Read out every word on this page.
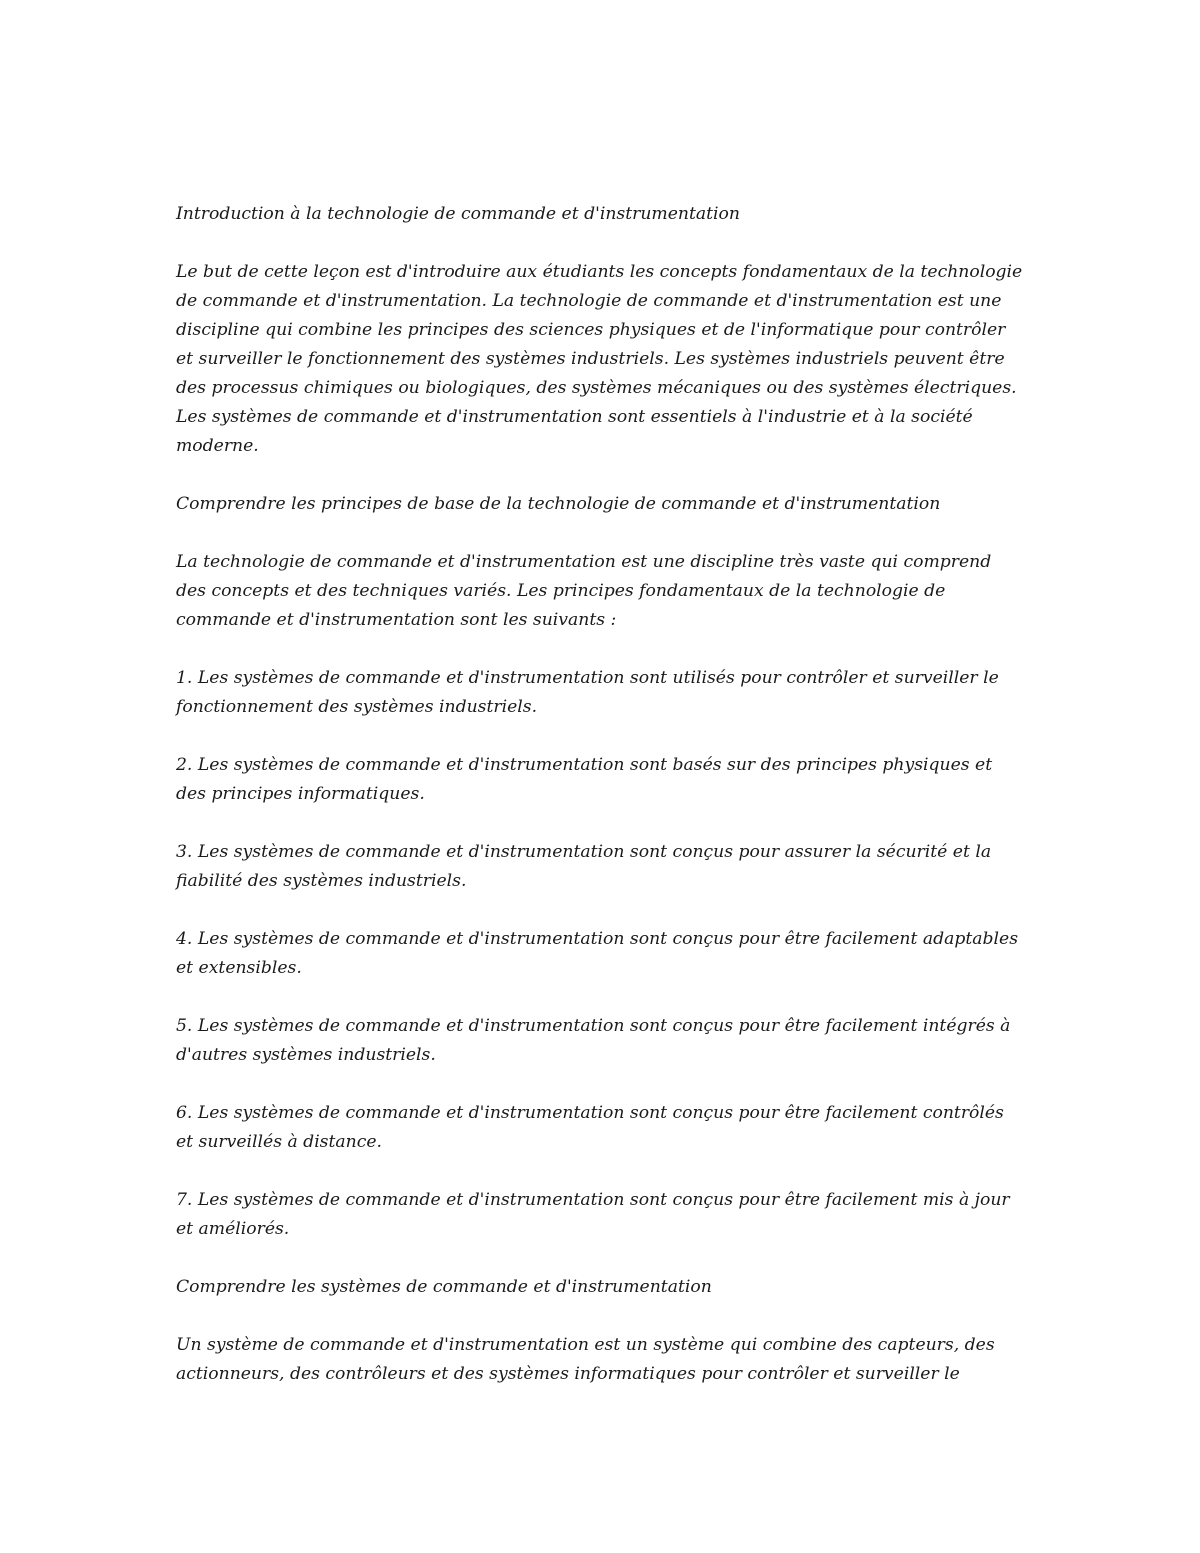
Introduction à la technologie de commande et d'instrumentation

Le but de cette leçon est d'introduire aux étudiants les concepts fondamentaux de la technologie de commande et d'instrumentation. La technologie de commande et d'instrumentation est une discipline qui combine les principes des sciences physiques et de l'informatique pour contrôler et surveiller le fonctionnement des systèmes industriels. Les systèmes industriels peuvent être des processus chimiques ou biologiques, des systèmes mécaniques ou des systèmes électriques. Les systèmes de commande et d'instrumentation sont essentiels à l'industrie et à la société moderne.

Comprendre les principes de base de la technologie de commande et d'instrumentation

La technologie de commande et d'instrumentation est une discipline très vaste qui comprend des concepts et des techniques variés. Les principes fondamentaux de la technologie de commande et d'instrumentation sont les suivants :

1. Les systèmes de commande et d'instrumentation sont utilisés pour contrôler et surveiller le fonctionnement des systèmes industriels.

2. Les systèmes de commande et d'instrumentation sont basés sur des principes physiques et des principes informatiques.

3. Les systèmes de commande et d'instrumentation sont conçus pour assurer la sécurité et la fiabilité des systèmes industriels.

4. Les systèmes de commande et d'instrumentation sont conçus pour être facilement adaptables et extensibles.

5. Les systèmes de commande et d'instrumentation sont conçus pour être facilement intégrés à d'autres systèmes industriels.

6. Les systèmes de commande et d'instrumentation sont conçus pour être facilement contrôlés et surveillés à distance.

7. Les systèmes de commande et d'instrumentation sont conçus pour être facilement mis à jour et améliorés.

Comprendre les systèmes de commande et d'instrumentation

Un système de commande et d'instrumentation est un système qui combine des capteurs, des actionneurs, des contrôleurs et des systèmes informatiques pour contrôler et surveiller le
